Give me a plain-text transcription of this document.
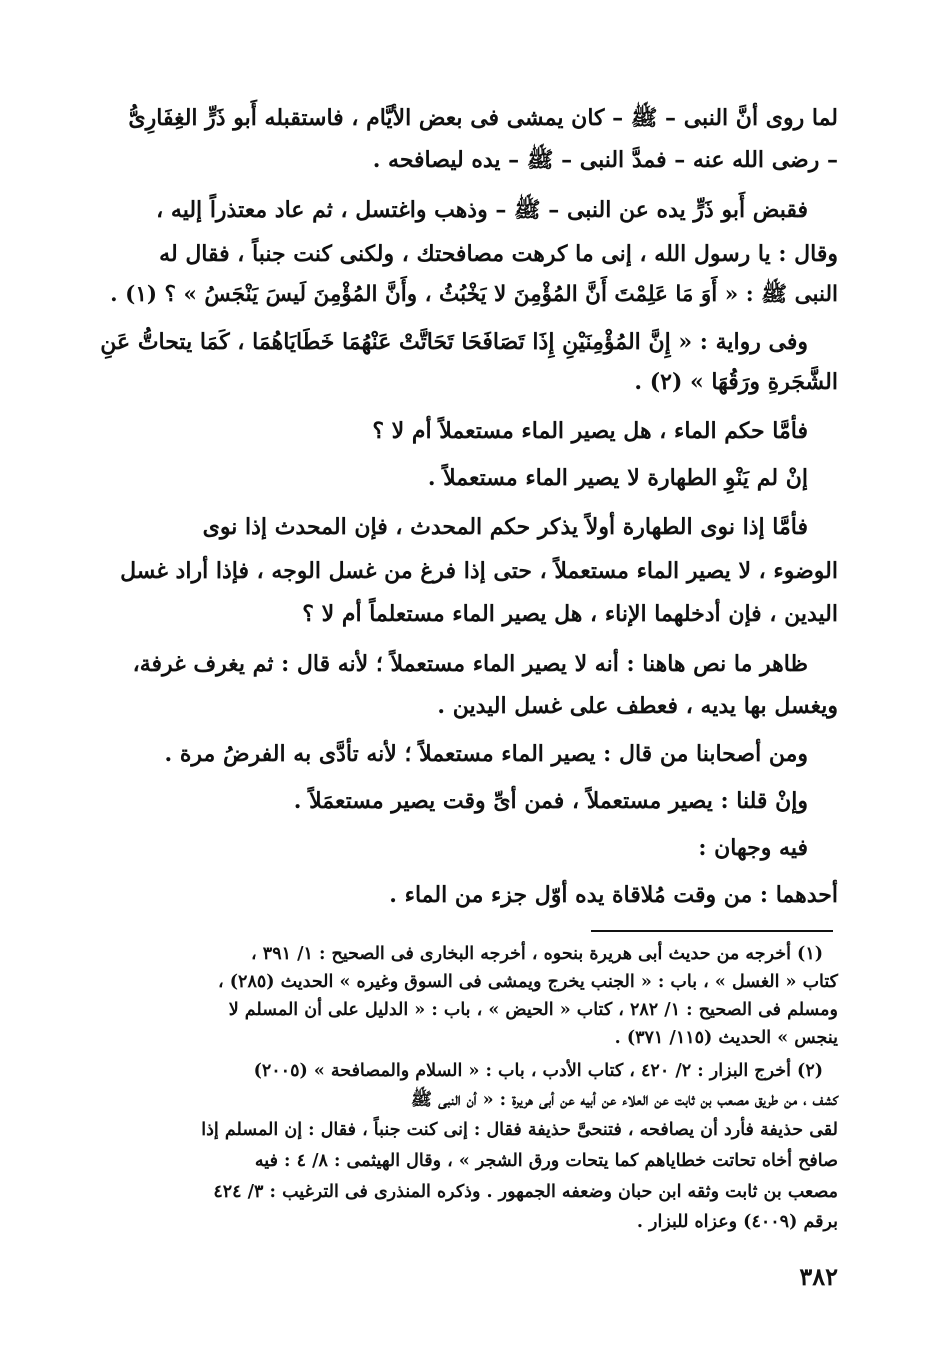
لما روى أنَّ النبى – ﷺ – كان يمشى فى بعض الأيَّام ، فاستقبله أَبو ذَرٍّ الغِفَارِىُّ
– رضى الله عنه – فمدَّ النبى – ﷺ – يده ليصافحه .
فقبض أَبو ذَرٍّ يده عن النبى – ﷺ – وذهب واغتسل ، ثم عاد معتذراً إليه ،
وقال : يا رسول الله ، إنى ما كرهت مصافحتك ، ولكنى كنت جنباً ، فقال له
النبى ﷺ : « أَوَ مَا عَلِمْتَ أَنَّ المُؤْمِنَ لا يَخْبُثُ ، وأَنَّ المُؤْمِنَ لَيسَ يَنْجَسُ » ؟ (١) .
وفى رواية : « إِنَّ المُؤْمِنَيْنِ إِذَا تَصَافَحَا تَحَاتَّتْ عَنْهُمَا خَطَايَاهُمَا ، كَمَا يتحاتُّ عَنِ
الشَّجَرةِ ورَقُهَا » (٢) .
فأمَّا حكم الماء ، هل يصير الماء مستعملاً أم لا ؟
إنْ لم يَنْوِ الطهارة لا يصير الماء مستعملاً .
فأمَّا إذا نوى الطهارة أولاً يذكر حكم المحدث ، فإن المحدث إذا نوى
الوضوء ، لا يصير الماء مستعملاً ، حتى إذا فرغ من غسل الوجه ، فإذا أراد غسل
اليدين ، فإن أدخلهما الإناء ، هل يصير الماء مستعلماً أم لا ؟
ظاهر ما نص هاهنا : أنه لا يصير الماء مستعملاً ؛ لأنه قال : ثم يغرف غرفة،
ويغسل بها يديه ، فعطف على غسل اليدين .
ومن أصحابنا من قال : يصير الماء مستعملاً ؛ لأنه تأدَّى به الفرضُ مرة .
وإنْ قلنا : يصير مستعملاً ، فمن أىِّ وقت يصير مستعمَلاً .
فيه وجهان :
أحدهما : من وقت مُلاقاة يده أوّل جزء من الماء .
(١) أخرجه من حديث أبى هريرة بنحوه ، أخرجه البخارى فى الصحيح : ١/ ٣٩١ ،
كتاب « الغسل » ، باب : « الجنب يخرج ويمشى فى السوق وغيره » الحديث (٢٨٥) ،
ومسلم فى الصحيح : ١/ ٢٨٢ ، كتاب « الحيض » ، باب : « الدليل على أن المسلم لا
ينجس » الحديث (١١٥/ ٣٧١) .
(٢) أخرج البزار : ٢/ ٤٢٠ ، كتاب الأدب ، باب : « السلام والمصافحة » (٢٠٠٥)
كشف ، من طريق مصعب بن ثابت عن العلاء عن أبيه عن أبى هريرة : « أن النبى ﷺ
لقى حذيفة فأرد أن يصافحه ، فتنحىَّ حذيفة فقال : إنى كنت جنباً ، فقال : إن المسلم إذا
صافح أخاه تحاتت خطاياهم كما يتحات ورق الشجر » ، وقال الهيثمى : ٨/ ٤ : فيه
مصعب بن ثابت وثقه ابن حبان وضعفه الجمهور . وذكره المنذرى فى الترغيب : ٣/ ٤٢٤
برقم (٤٠٠٩) وعزاه للبزار .
٣٨٢
